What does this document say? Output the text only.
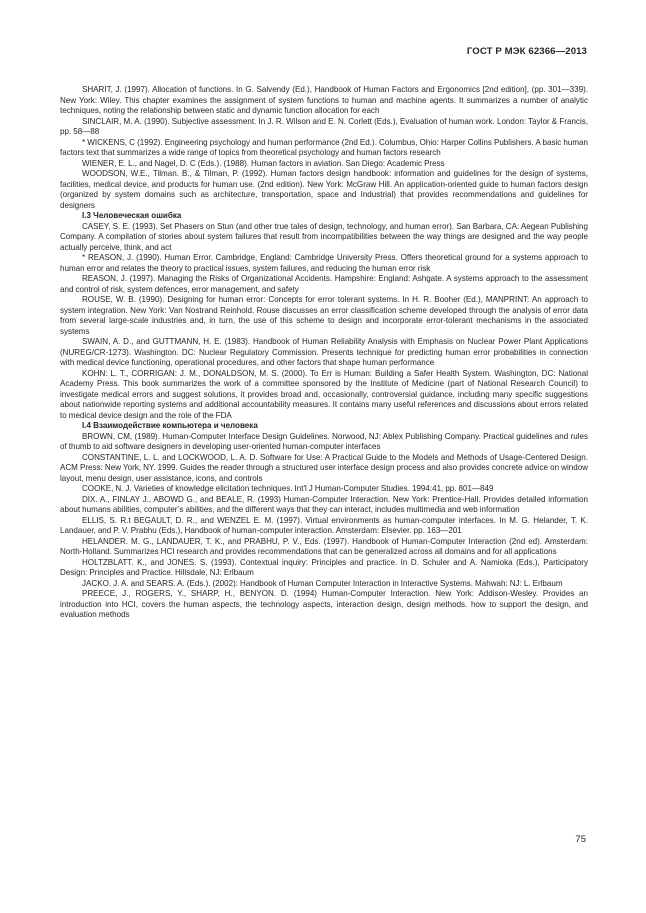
ГОСТ Р МЭК 62366—2013

SHARIT, J. (1997). Allocation of functions. In G. Salvendy (Ed.), Handbook of Human Factors and Ergonomics [2nd edition], (pp. 301—339). New York: Wiley. This chapter examines the assignment of system functions to human and machine agents. It summarizes a number of analytic techniques, noting the relationship between static and dynamic function allocation for each

SINCLAIR, M. A. (1990). Subjective assessment. In J. R. Wilson and E. N. Corlett (Eds.), Evaluation of human work. London: Taylor & Francis, pp. 58—88

* WICKENS, C (1992). Engineering psychology and human performance (2nd Ed.). Columbus, Ohio: Harper Collins Publishers. A basic human factors text that summarizes a wide range of topics from theoretical psychology and human factors research

WIENER, E. L., and Nagel, D. C (Eds.). (1988). Human factors in aviation. San Diego: Academic Press

WOODSON, W.E., Tilman. B., & Tilman, P. (1992). Human factors design handbook: information and guidelines for the design of systems, facilities, medical device, and products for human use. (2nd edition). New York: McGraw Hill. An application-oriented guide to human factors design (organized by system domains such as architecture, transportation, space and Industrial) that provides recommendations and guidelines for designers

I.3 Человеческая ошибка

CASEY, S. E. (1993). Set Phasers on Stun (and other true tales of design, technology, and human error). San Barbara, CA: Aegean Publishing Company. A compilation of stories about system failures that result from incompatibilities between the way things are designed and the way people actually perceive, think, and act

* REASON, J. (1990). Human Error. Cambridge, England: Cambridge University Press. Offers theoretical ground for a systems approach to human error and relates the theory to practical issues, system failures, and reducing the human error risk

REASON, J. (1997). Managing the Risks of Organizational Accidents. Hampshire: England: Ashgate. A systems approach to the assessment and control of risk, system defences, error management, and safety

ROUSE, W. B. (1990). Designing for human error: Concepts for error tolerant systems. In H. R. Booher (Ed.), MANPRINT: An approach to system integration. New York: Van Nostrand Reinhold. Rouse discusses an error classification scheme developed through the analysis of error data from several large-scale industries and, in turn, the use of this scheme to design and incorporate error-tolerant mechanisms in the associated systems

SWAIN, A. D., and GUTTMANN, H. E. (1983). Handbook of Human Reliability Analysis with Emphasis on Nuclear Power Plant Applications (NUREG/CR-1273). Washington. DC: Nuclear Regulatory Commission. Presents technique for predicting human error probabilities in connection with medical device functioning, operational procedures, and other factors that shape human performance

KOHN: L. T., CORRIGAN: J. M., DONALDSON, M. S. (2000). To Err is Human: Building a Safer Health System. Washington, DC: National Academy Press. This book summarizes the work of a committee sponsored by the Institute of Medicine (part of National Research Council) to investigate medical errors and suggest solutions, it provides broad and, occasionally, controversial guidance, including many specific suggestions about nationwide reporting systems and additional accountability measures. It contains many useful references and discussions about errors related to medical device design and the role of the FDA

I.4 Взаимодействие компьютера и человека

BROWN, CM, (1989). Human-Computer Interface Design Guidelines. Norwood, NJ: Ablex Publishing Company. Practical guidelines and rules of thumb to aid software designers in developing user-oriented human-computer interfaces

CONSTANTINE, L. L. and LOCKWOOD, L. A. D. Software for Use: A Practical Guide to the Models and Methods of Usage-Centered Design. ACM Press: New York, NY. 1999. Guides the reader through a structured user interface design process and also provides concrete advice on window layout, menu design, user assistance, icons, and controls

COOKE, N. J. Varieties of knowledge elicitation techniques. Int'l J Human-Computer Studies. 1994:41, pp. 801—849

DIX. A., FINLAY J., ABOWD G., and BEALE, R. (1993) Human-Computer Interaction. New York: Prentice-Hall. Provides detailed information about humans abilities, computer’s abilities, and the different ways that they can interact, includes multimedia and web information

ELLIS, S. R.t BEGAULT, D. R., and WENZEL E. M. (1997). Virtual environments as human-computer interfaces. In M. G. Helander, T. K. Landauer, and P. V. Prabhu (Eds.), Handbook of human-computer interaction. Amsterdam: Elsevier. pp. 163—201

HELANDER. M. G., LANDAUER, T. K., and PRABHU, P. V., Eds. (1997). Handbook of Human-Computer Interaction (2nd ed). Amsterdam: North-Holland. Summarizes HCI research and provides recommendations that can be generalized across all domains and for all applications

HOLTZBLATT. K., and JONES. S. (1993). Contextual inquiry: Principles and practice. In D. Schuler and A. Namioka (Eds.), Participatory Design: Principles and Practice. Hillsdale, NJ: Erlbaum

JACKO. J. A. and SEARS. A. (Eds.). (2002): Handbook of Human Computer Interaction in Interactive Systems. Mahwah: NJ: L. Erlbaum

PREECE, J., ROGERS, Y., SHARP, H., BENYON. D. (1994) Human-Computer Interaction. New York: Addison-Wesley. Provides an introduction into HCI, covers the human aspects, the technology aspects, interaction design, design methods. how to support the design, and evaluation methods

75
